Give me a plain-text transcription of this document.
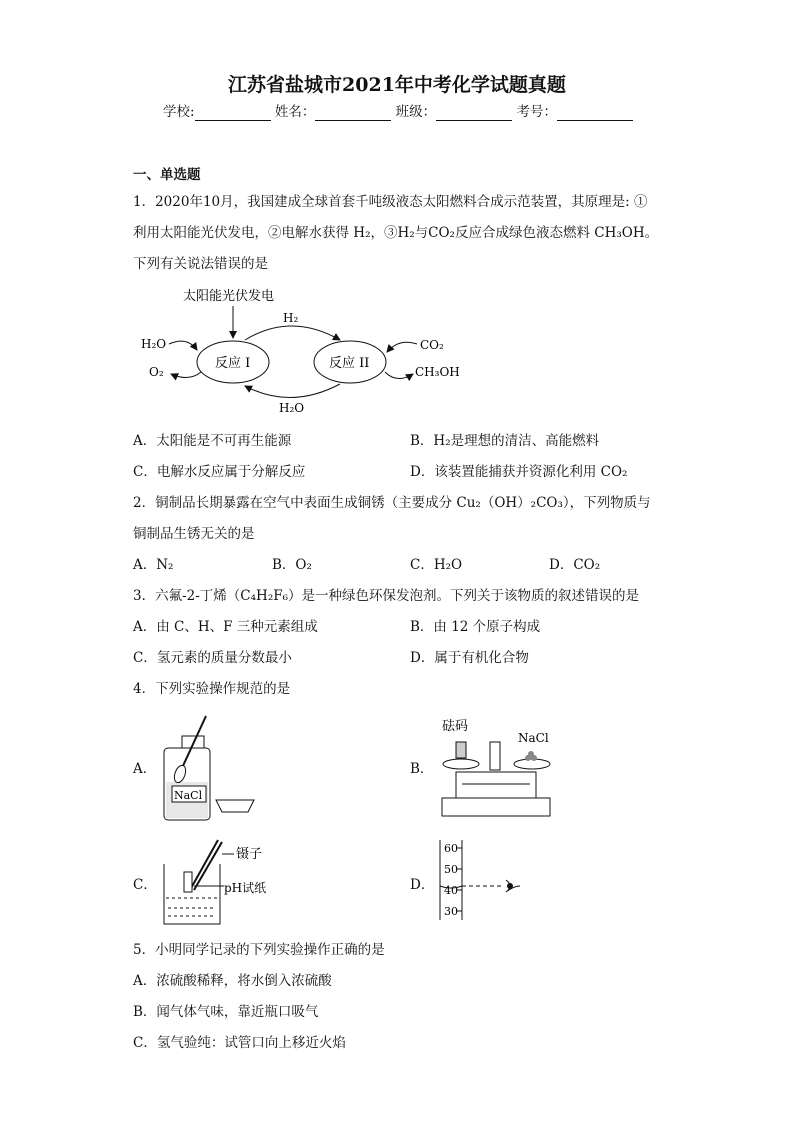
江苏省盐城市2021年中考化学试题真题
学校:	姓名：	班级：	考号：
一、单选题
1．2020年10月，我国建成全球首套千吨级液态太阳燃料合成示范装置，其原理是: ①
利用太阳能光伏发电，②电解水获得 H₂，③H₂与CO₂反应合成绿色液态燃料 CH₃OH。
下列有关说法错误的是
太阳能光伏发电
反应 I	反应 II
H₂
H₂O
O₂
CO₂
CH₃OH
H₂O
A．太阳能是不可再生能源	B．H₂是理想的清洁、高能燃料
C．电解水反应属于分解反应	D．该装置能捕获并资源化利用 CO₂
2．铜制品长期暴露在空气中表面生成铜锈（主要成分 Cu₂（OH）₂CO₃），下列物质与
铜制品生锈无关的是
A．N₂	B．O₂	C．H₂O	D．CO₂
3．六氟-2-丁烯（C₄H₂F₆）是一种绿色环保发泡剂。下列关于该物质的叙述错误的是
A．由 C、H、F 三种元素组成	B．由 12 个原子构成
C．氢元素的质量分数最小	D．属于有机化合物
4．下列实验操作规范的是
A．
NaCl
B．
砝码
NaCl
C．
镊子
pH试纸	D．
60
50
40
30
5．小明同学记录的下列实验操作正确的是
A．浓硫酸稀释，将水倒入浓硫酸
B．闻气体气味，靠近瓶口吸气
C．氢气验纯：试管口向上移近火焰
